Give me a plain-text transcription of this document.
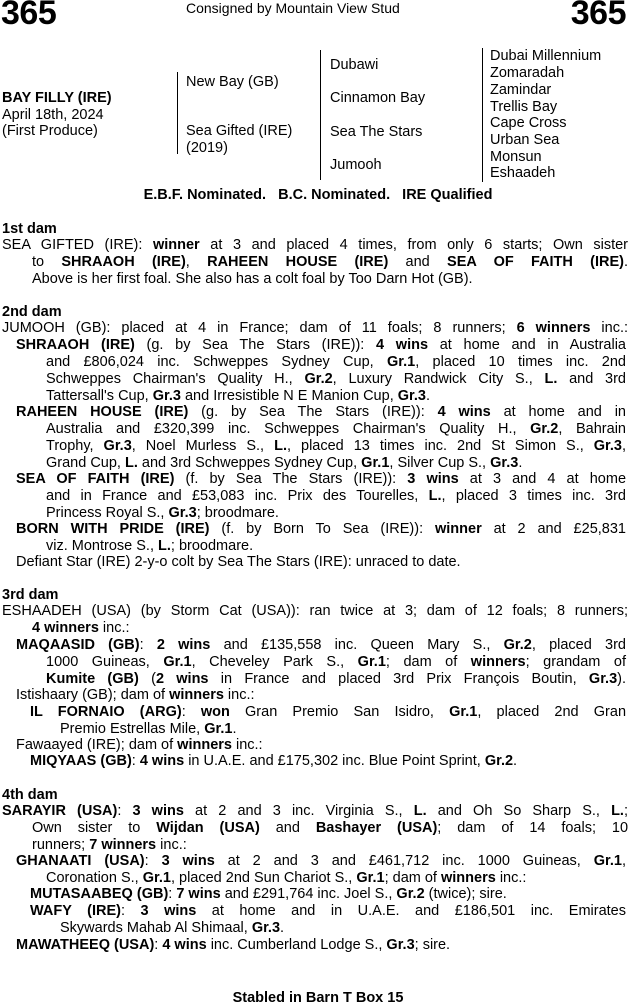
365	365
Consigned by Mountain View Stud
BAY FILLY (IRE)
April 18th, 2024
(First Produce)
New Bay (GB)
Sea Gifted (IRE)
(2019)
Dubawi
Cinnamon Bay
Sea The Stars
Jumooh
Dubai Millennium
Zomaradah
Zamindar
Trellis Bay
Cape Cross
Urban Sea
Monsun
Eshaadeh
E.B.F. Nominated.   B.C. Nominated.   IRE Qualified
1st dam
SEA GIFTED (IRE): winner at 3 and placed 4 times, from only 6 starts; Own sister
to SHRAAOH (IRE), RAHEEN HOUSE (IRE) and SEA OF FAITH (IRE).
Above is her first foal. She also has a colt foal by Too Darn Hot (GB).
2nd dam
JUMOOH (GB): placed at 4 in France; dam of 11 foals; 8 runners; 6 winners inc.:
SHRAAOH (IRE) (g. by Sea The Stars (IRE)): 4 wins at home and in Australia
and £806,024 inc. Schweppes Sydney Cup, Gr.1, placed 10 times inc. 2nd
Schweppes Chairman's Quality H., Gr.2, Luxury Randwick City S., L. and 3rd
Tattersall's Cup, Gr.3 and Irresistible N E Manion Cup, Gr.3.
RAHEEN HOUSE (IRE) (g. by Sea The Stars (IRE)): 4 wins at home and in
Australia and £320,399 inc. Schweppes Chairman's Quality H., Gr.2, Bahrain
Trophy, Gr.3, Noel Murless S., L., placed 13 times inc. 2nd St Simon S., Gr.3,
Grand Cup, L. and 3rd Schweppes Sydney Cup, Gr.1, Silver Cup S., Gr.3.
SEA OF FAITH (IRE) (f. by Sea The Stars (IRE)): 3 wins at 3 and 4 at home
and in France and £53,083 inc. Prix des Tourelles, L., placed 3 times inc. 3rd
Princess Royal S., Gr.3; broodmare.
BORN WITH PRIDE (IRE) (f. by Born To Sea (IRE)): winner at 2 and £25,831
viz. Montrose S., L.; broodmare.
Defiant Star (IRE) 2-y-o colt by Sea The Stars (IRE): unraced to date.
3rd dam
ESHAADEH (USA) (by Storm Cat (USA)): ran twice at 3; dam of 12 foals; 8 runners;
4 winners inc.:
MAQAASID (GB): 2 wins and £135,558 inc. Queen Mary S., Gr.2, placed 3rd
1000 Guineas, Gr.1, Cheveley Park S., Gr.1; dam of winners; grandam of
Kumite (GB) (2 wins in France and placed 3rd Prix François Boutin, Gr.3).
Istishaary (GB); dam of winners inc.:
IL FORNAIO (ARG): won Gran Premio San Isidro, Gr.1, placed 2nd Gran
Premio Estrellas Mile, Gr.1.
Fawaayed (IRE); dam of winners inc.:
MIQYAAS (GB): 4 wins in U.A.E. and £175,302 inc. Blue Point Sprint, Gr.2.
4th dam
SARAYIR (USA): 3 wins at 2 and 3 inc. Virginia S., L. and Oh So Sharp S., L.;
Own sister to Wijdan (USA) and Bashayer (USA); dam of 14 foals; 10
runners; 7 winners inc.:
GHANAATI (USA): 3 wins at 2 and 3 and £461,712 inc. 1000 Guineas, Gr.1,
Coronation S., Gr.1, placed 2nd Sun Chariot S., Gr.1; dam of winners inc.:
MUTASAABEQ (GB): 7 wins and £291,764 inc. Joel S., Gr.2 (twice); sire.
WAFY (IRE): 3 wins at home and in U.A.E. and £186,501 inc. Emirates
Skywards Mahab Al Shimaal, Gr.3.
MAWATHEEQ (USA): 4 wins inc. Cumberland Lodge S., Gr.3; sire.
Stabled in Barn T Box 15
